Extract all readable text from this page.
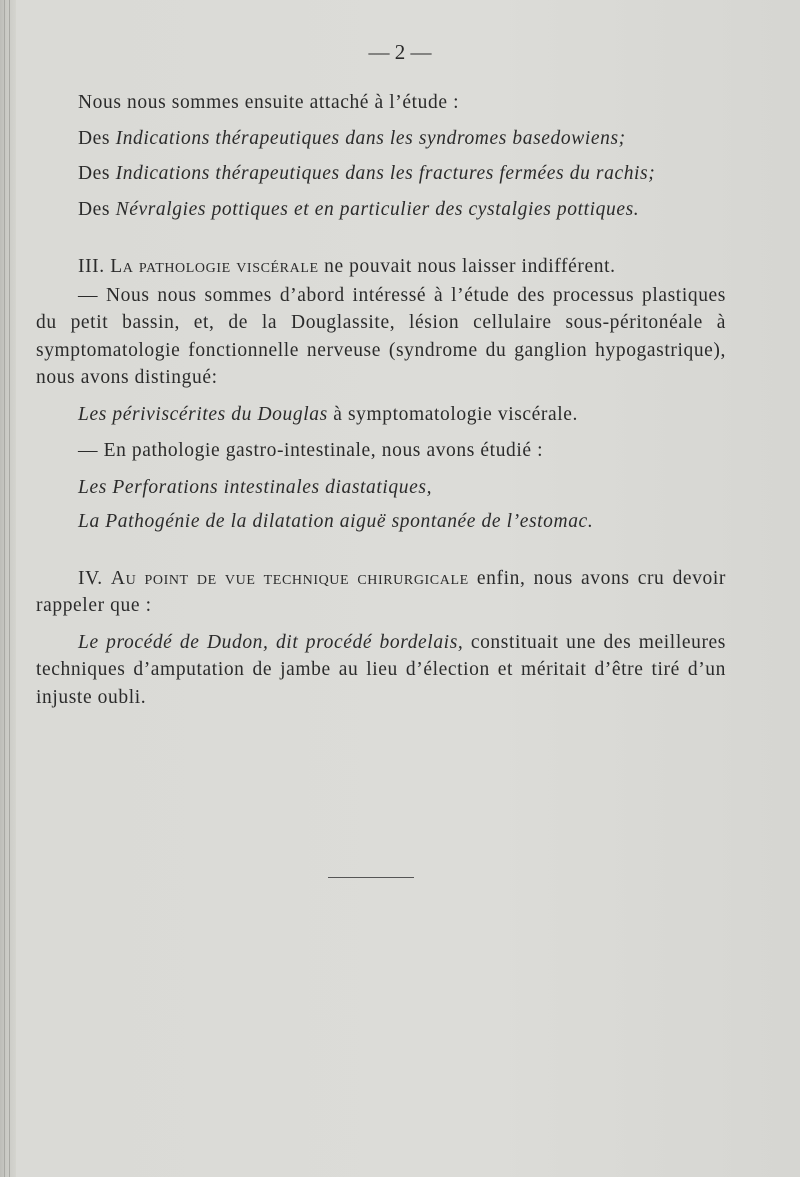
— 2 —

Nous nous sommes ensuite attaché à l’étude :

Des Indications thérapeutiques dans les syndromes basedowiens;

Des Indications thérapeutiques dans les fractures fermées du rachis;

Des Névralgies pottiques et en particulier des cystalgies pottiques.

III. La pathologie viscérale ne pouvait nous laisser indifférent.

— Nous nous sommes d’abord intéressé à l’étude des processus plastiques du petit bassin, et, de la Douglassite, lésion cellulaire sous-péritonéale à symptomatologie fonctionnelle nerveuse (syndrome du ganglion hypogastrique), nous avons distingué:

Les périviscérites du Douglas à symptomatologie viscérale.

— En pathologie gastro-intestinale, nous avons étudié :

Les Perforations intestinales diastatiques,

La Pathogénie de la dilatation aiguë spontanée de l’estomac.

IV. Au point de vue technique chirurgicale enfin, nous avons cru devoir rappeler que :

Le procédé de Dudon, dit procédé bordelais, constituait une des meilleures techniques d’amputation de jambe au lieu d’élection et méritait d’être tiré d’un injuste oubli.
